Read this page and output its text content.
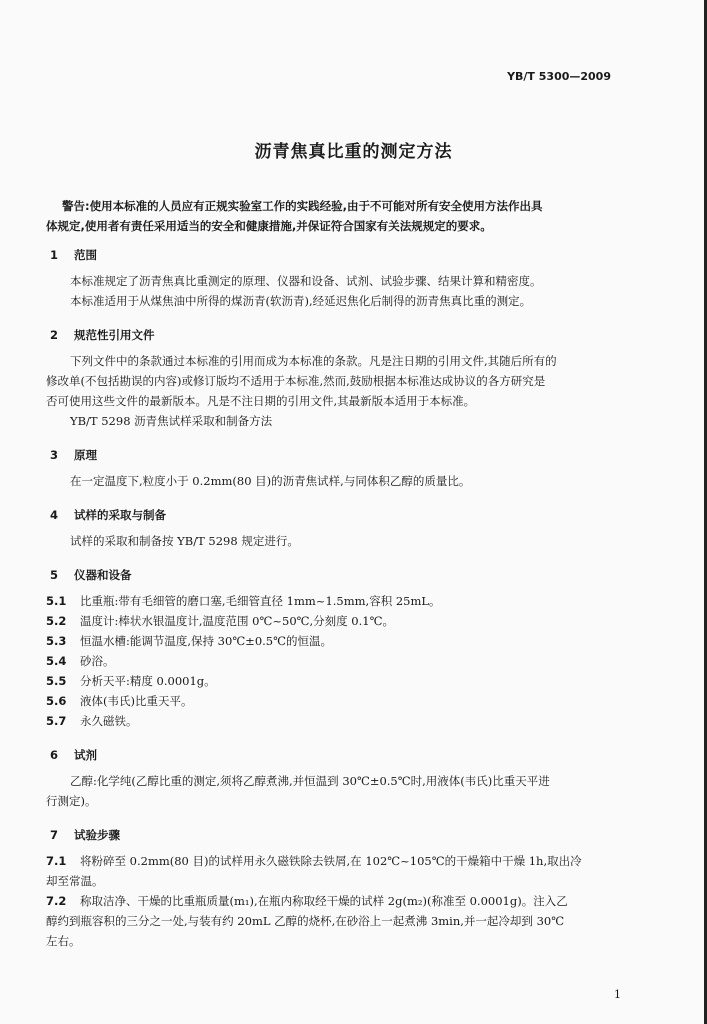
YB/T 5300—2009
沥青焦真比重的测定方法
警告:使用本标准的人员应有正规实验室工作的实践经验,由于不可能对所有安全使用方法作出具
体规定,使用者有责任采用适当的安全和健康措施,并保证符合国家有关法规规定的要求。
1 范围
本标准规定了沥青焦真比重测定的原理、仪器和设备、试剂、试验步骤、结果计算和精密度。
本标准适用于从煤焦油中所得的煤沥青(软沥青),经延迟焦化后制得的沥青焦真比重的测定。
2 规范性引用文件
下列文件中的条款通过本标准的引用而成为本标准的条款。凡是注日期的引用文件,其随后所有的
修改单(不包括勘误的内容)或修订版均不适用于本标准,然而,鼓励根据本标准达成协议的各方研究是
否可使用这些文件的最新版本。凡是不注日期的引用文件,其最新版本适用于本标准。
YB/T 5298 沥青焦试样采取和制备方法
3 原理
在一定温度下,粒度小于 0.2mm(80 目)的沥青焦试样,与同体积乙醇的质量比。
4 试样的采取与制备
试样的采取和制备按 YB/T 5298 规定进行。
5 仪器和设备
5.1 比重瓶:带有毛细管的磨口塞,毛细管直径 1mm~1.5mm,容积 25mL。
5.2 温度计:棒状水银温度计,温度范围 0℃~50℃,分刻度 0.1℃。
5.3 恒温水槽:能调节温度,保持 30℃±0.5℃的恒温。
5.4 砂浴。
5.5 分析天平:精度 0.0001g。
5.6 液体(韦氏)比重天平。
5.7 永久磁铁。
6 试剂
乙醇:化学纯(乙醇比重的测定,须将乙醇煮沸,并恒温到 30℃±0.5℃时,用液体(韦氏)比重天平进
行测定)。
7 试验步骤
7.1 将粉碎至 0.2mm(80 目)的试样用永久磁铁除去铁屑,在 102℃~105℃的干燥箱中干燥 1h,取出冷
却至常温。
7.2 称取洁净、干燥的比重瓶质量(m₁),在瓶内称取经干燥的试样 2g(m₂)(称准至 0.0001g)。注入乙
醇约到瓶容积的三分之一处,与装有约 20mL 乙醇的烧杯,在砂浴上一起煮沸 3min,并一起冷却到 30℃
左右。
1
